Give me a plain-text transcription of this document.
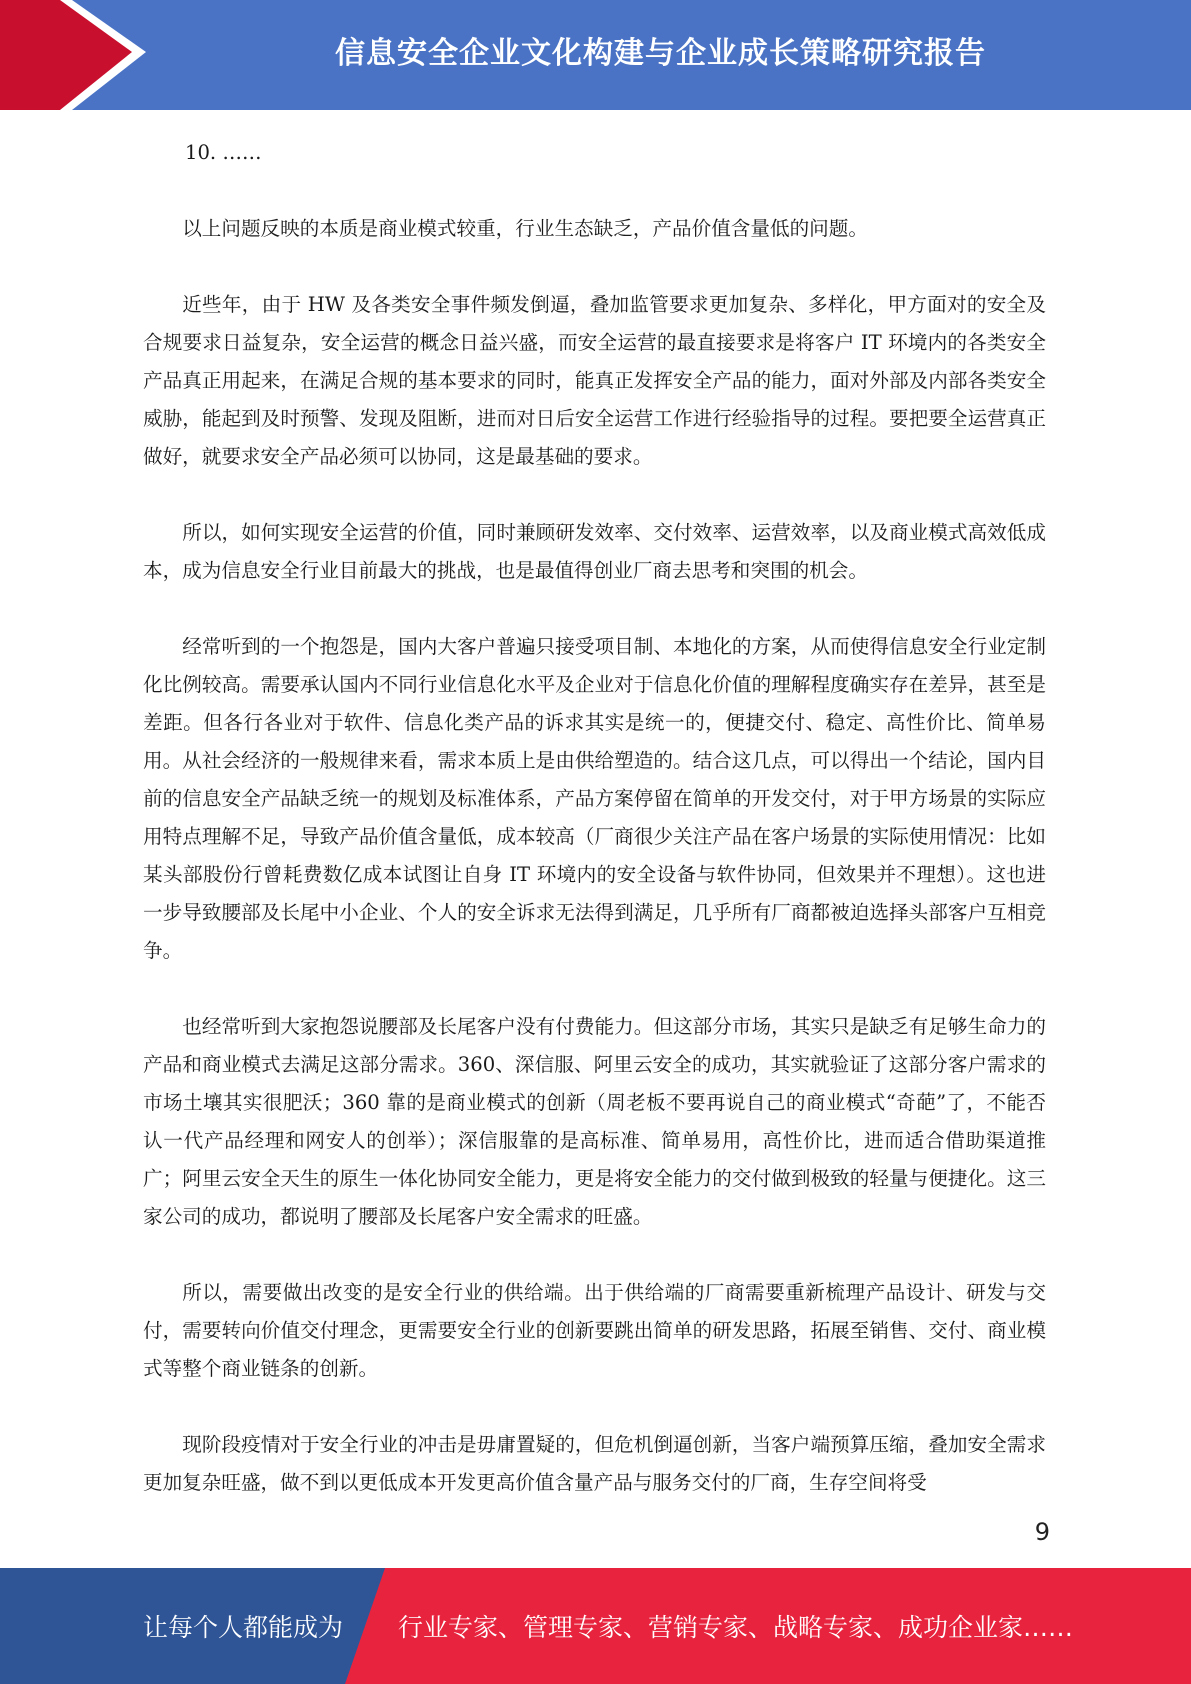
信息安全企业文化构建与企业成长策略研究报告

10. ……

以上问题反映的本质是商业模式较重，行业生态缺乏，产品价值含量低的问题。

近些年，由于 HW 及各类安全事件频发倒逼，叠加监管要求更加复杂、多样化，甲方面对的安全及合规要求日益复杂，安全运营的概念日益兴盛，而安全运营的最直接要求是将客户 IT 环境内的各类安全产品真正用起来，在满足合规的基本要求的同时，能真正发挥安全产品的能力，面对外部及内部各类安全威胁，能起到及时预警、发现及阻断，进而对日后安全运营工作进行经验指导的过程。要把要全运营真正做好，就要求安全产品必须可以协同，这是最基础的要求。

所以，如何实现安全运营的价值，同时兼顾研发效率、交付效率、运营效率，以及商业模式高效低成本，成为信息安全行业目前最大的挑战，也是最值得创业厂商去思考和突围的机会。

经常听到的一个抱怨是，国内大客户普遍只接受项目制、本地化的方案，从而使得信息安全行业定制化比例较高。需要承认国内不同行业信息化水平及企业对于信息化价值的理解程度确实存在差异，甚至是差距。但各行各业对于软件、信息化类产品的诉求其实是统一的，便捷交付、稳定、高性价比、简单易用。从社会经济的一般规律来看，需求本质上是由供给塑造的。结合这几点，可以得出一个结论，国内目前的信息安全产品缺乏统一的规划及标准体系，产品方案停留在简单的开发交付，对于甲方场景的实际应用特点理解不足，导致产品价值含量低，成本较高（厂商很少关注产品在客户场景的实际使用情况：比如某头部股份行曾耗费数亿成本试图让自身 IT 环境内的安全设备与软件协同，但效果并不理想）。这也进一步导致腰部及长尾中小企业、个人的安全诉求无法得到满足，几乎所有厂商都被迫选择头部客户互相竞争。

也经常听到大家抱怨说腰部及长尾客户没有付费能力。但这部分市场，其实只是缺乏有足够生命力的产品和商业模式去满足这部分需求。360、深信服、阿里云安全的成功，其实就验证了这部分客户需求的市场土壤其实很肥沃；360 靠的是商业模式的创新（周老板不要再说自己的商业模式“奇葩”了，不能否认一代产品经理和网安人的创举）；深信服靠的是高标准、简单易用，高性价比，进而适合借助渠道推广；阿里云安全天生的原生一体化协同安全能力，更是将安全能力的交付做到极致的轻量与便捷化。这三家公司的成功，都说明了腰部及长尾客户安全需求的旺盛。

所以，需要做出改变的是安全行业的供给端。出于供给端的厂商需要重新梳理产品设计、研发与交付，需要转向价值交付理念，更需要安全行业的创新要跳出简单的研发思路，拓展至销售、交付、商业模式等整个商业链条的创新。

现阶段疫情对于安全行业的冲击是毋庸置疑的，但危机倒逼创新，当客户端预算压缩，叠加安全需求更加复杂旺盛，做不到以更低成本开发更高价值含量产品与服务交付的厂商，生存空间将受

9
让每个人都能成为 行业专家、管理专家、营销专家、战略专家、成功企业家……
